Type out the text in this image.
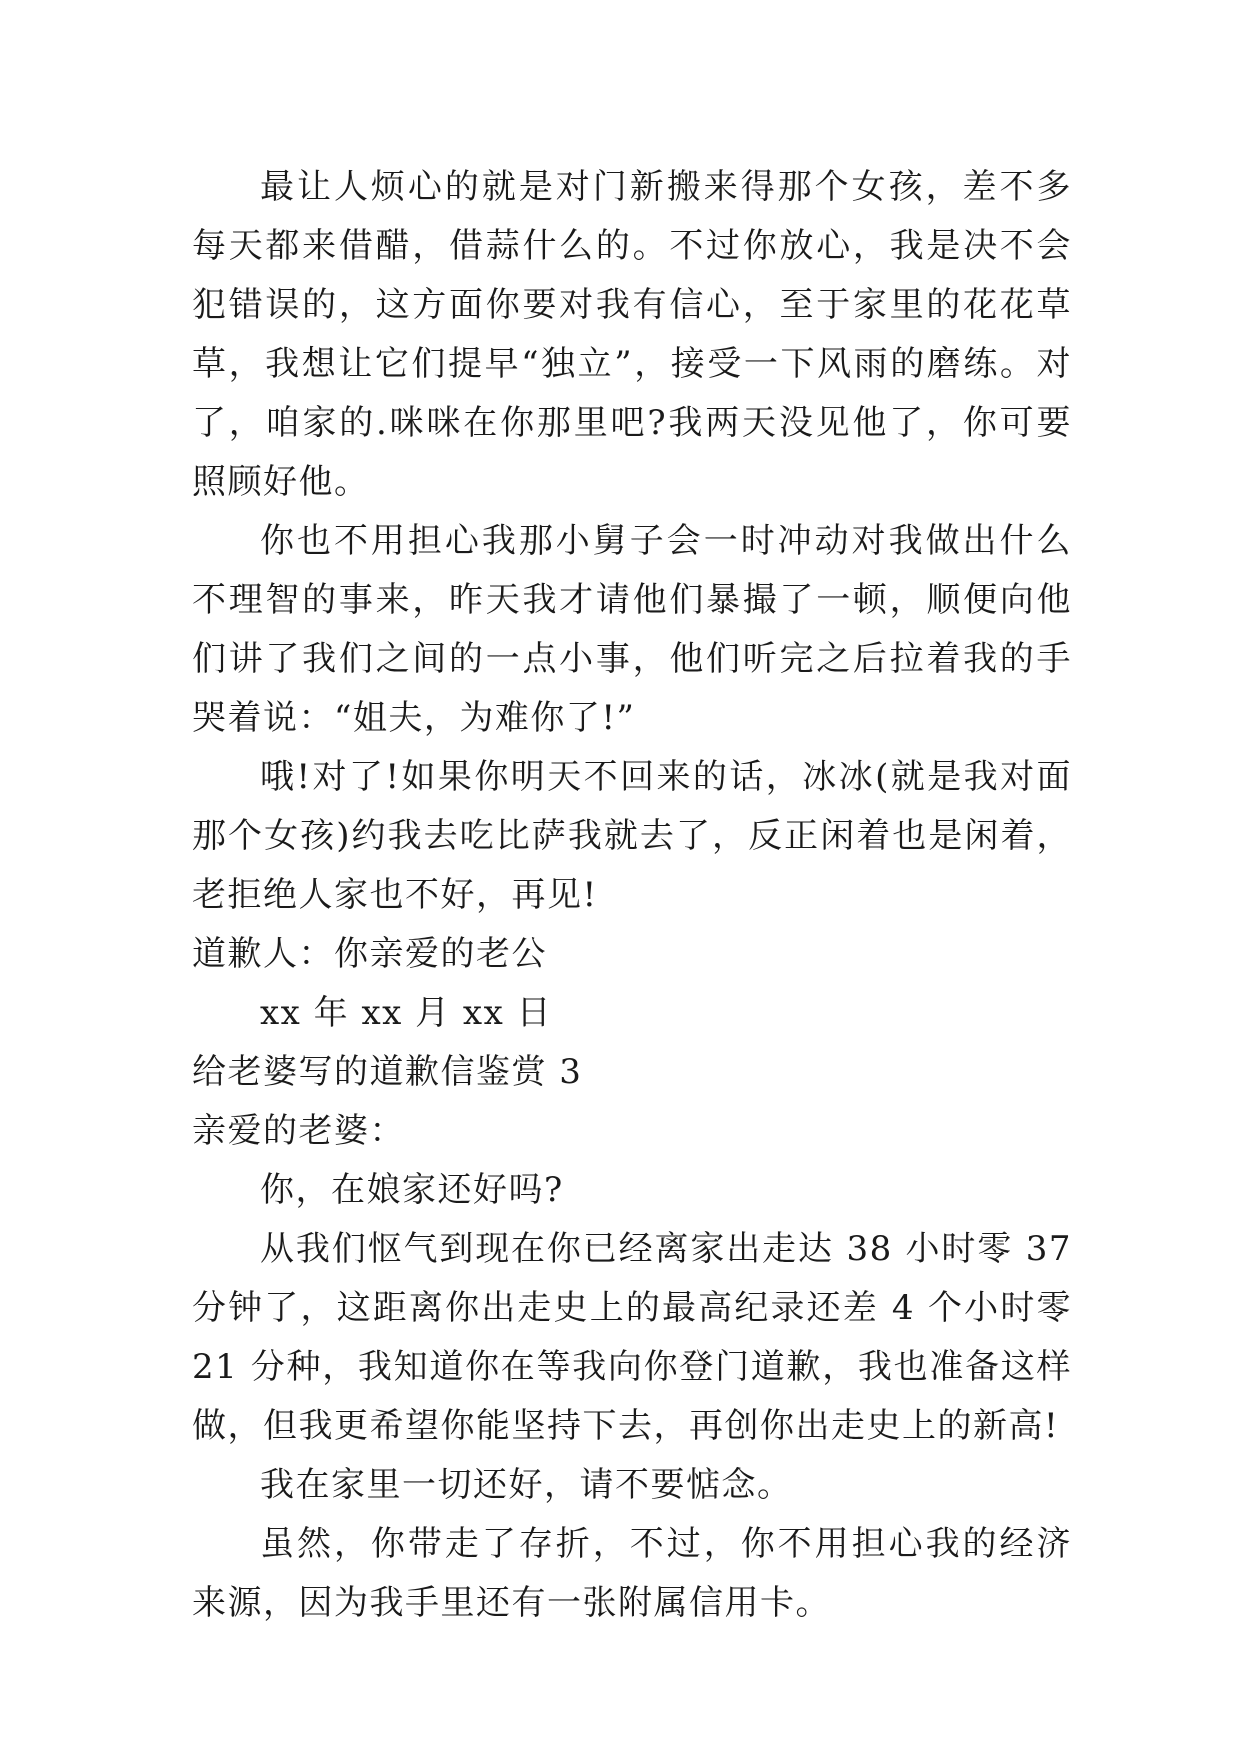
最让人烦心的就是对门新搬来得那个女孩，差不多每天都来借醋，借蒜什么的。不过你放心，我是决不会犯错误的，这方面你要对我有信心，至于家里的花花草草，我想让它们提早“独立”，接受一下风雨的磨练。对了，咱家的.咪咪在你那里吧?我两天没见他了，你可要照顾好他。

你也不用担心我那小舅子会一时冲动对我做出什么不理智的事来，昨天我才请他们暴撮了一顿，顺便向他们讲了我们之间的一点小事，他们听完之后拉着我的手哭着说：“姐夫，为难你了!”

哦!对了!如果你明天不回来的话，冰冰(就是我对面那个女孩)约我去吃比萨我就去了，反正闲着也是闲着，老拒绝人家也不好，再见!

道歉人：你亲爱的老公

xx 年 xx 月 xx 日

给老婆写的道歉信鉴赏 3

亲爱的老婆：

你，在娘家还好吗?

从我们怄气到现在你已经离家出走达 38 小时零 37 分钟了，这距离你出走史上的最高纪录还差 4 个小时零 21 分种，我知道你在等我向你登门道歉，我也准备这样做，但我更希望你能坚持下去，再创你出走史上的新高!

我在家里一切还好，请不要惦念。

虽然，你带走了存折，不过，你不用担心我的经济来源，因为我手里还有一张附属信用卡。
